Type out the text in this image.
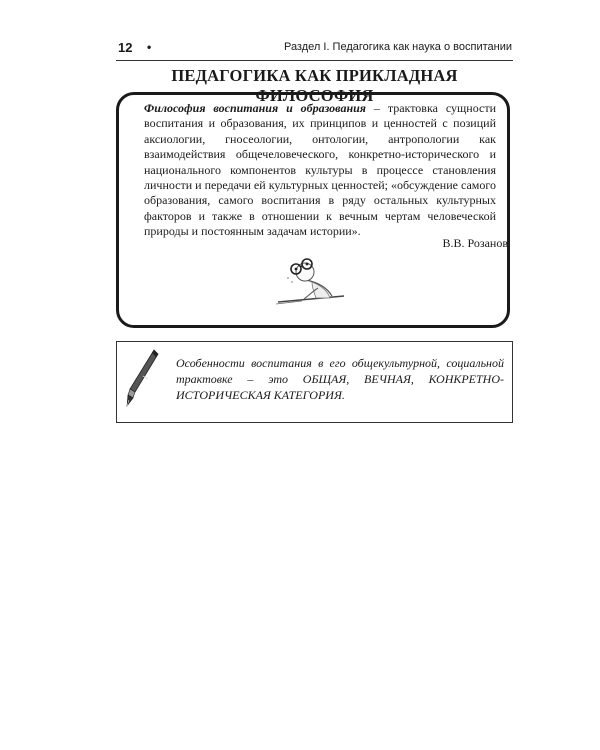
12 •	Раздел I. Педагогика как наука о воспитании
ПЕДАГОГИКА КАК ПРИКЛАДНАЯ ФИЛОСОФИЯ
Философия воспитания и образования – трактовка сущности воспитания и образования, их принципов и ценностей с позиций аксиологии, гносеологии, онтологии, антропологии как взаимодействия общечеловеческого, конкретно-исторического и национального компонентов культуры в процессе становления личности и передачи ей культурных ценностей; «обсуждение самого образования, самого воспитания в ряду остальных культурных факторов и также в отношении к вечным чертам человеческой природы и постоянным задачам истории».
В.В. Розанов
Особенности воспитания в его общекультурной, социальной трактовке – это ОБЩАЯ, ВЕЧНАЯ, КОНКРЕТНО-ИСТОРИЧЕСКАЯ КАТЕГОРИЯ.
